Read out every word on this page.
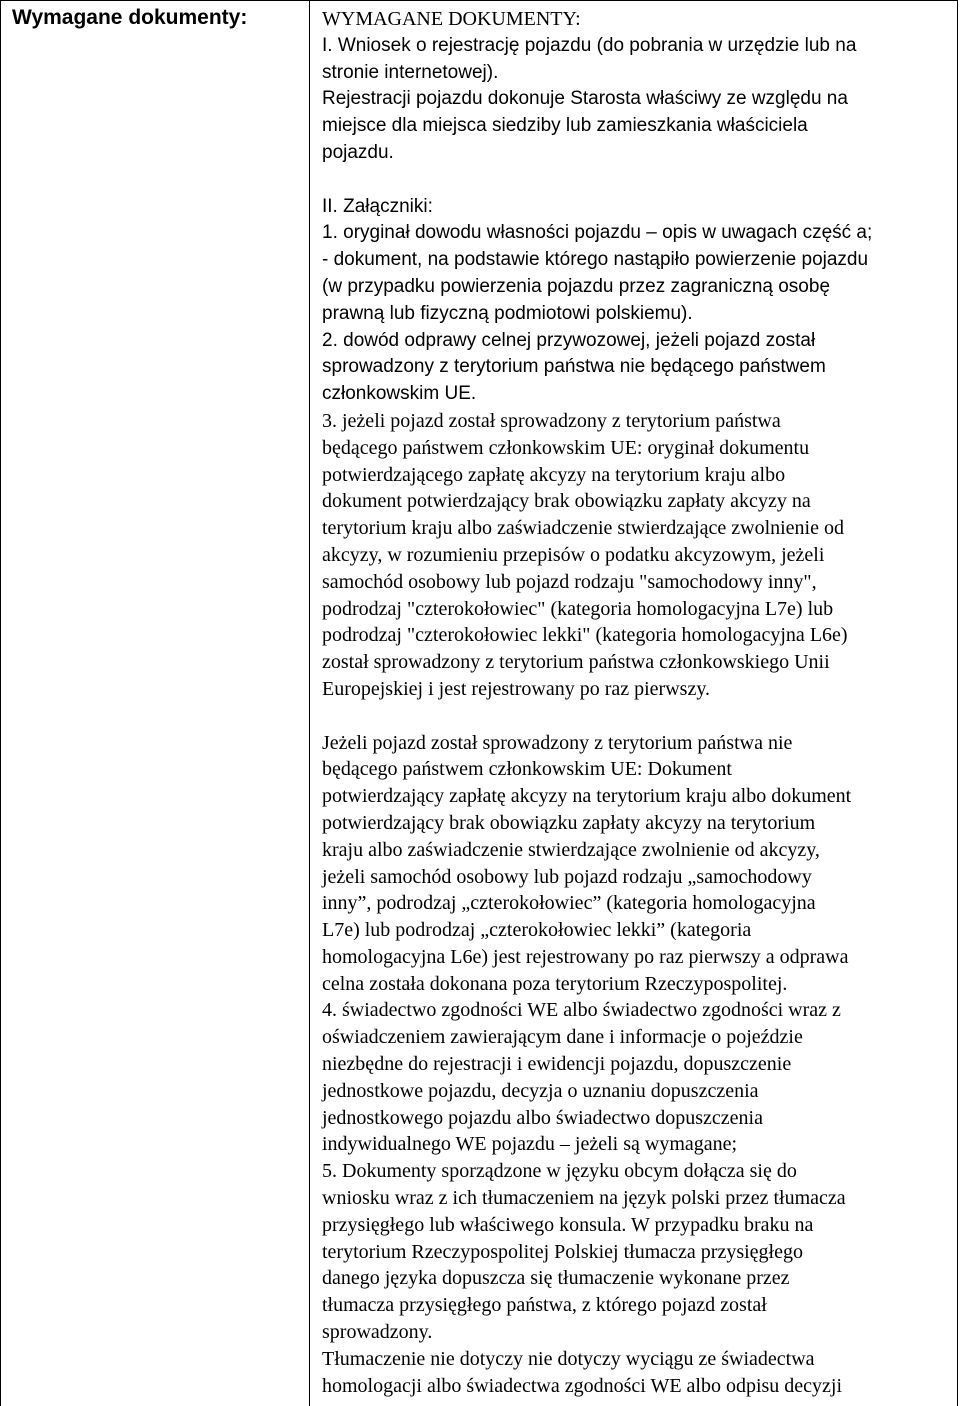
Wymagane dokumenty:	WYMAGANE DOKUMENTY:
I. Wniosek o rejestrację pojazdu (do pobrania w urzędzie lub na
stronie internetowej).
Rejestracji pojazdu dokonuje Starosta właściwy ze względu na
miejsce dla miejsca siedziby lub zamieszkania właściciela
pojazdu.
II. Załączniki:
1. oryginał dowodu własności pojazdu – opis w uwagach część a;
- dokument, na podstawie którego nastąpiło powierzenie pojazdu
(w przypadku powierzenia pojazdu przez zagraniczną osobę
prawną lub fizyczną podmiotowi polskiemu).
2. dowód odprawy celnej przywozowej, jeżeli pojazd został
sprowadzony z terytorium państwa nie będącego państwem
członkowskim UE.
3. jeżeli pojazd został sprowadzony z terytorium państwa
będącego państwem członkowskim UE: oryginał dokumentu
potwierdzającego zapłatę akcyzy na terytorium kraju albo
dokument potwierdzający brak obowiązku zapłaty akcyzy na
terytorium kraju albo zaświadczenie stwierdzające zwolnienie od
akcyzy, w rozumieniu przepisów o podatku akcyzowym, jeżeli
samochód osobowy lub pojazd rodzaju "samochodowy inny",
podrodzaj "czterokołowiec" (kategoria homologacyjna L7e) lub
podrodzaj "czterokołowiec lekki" (kategoria homologacyjna L6e)
został sprowadzony z terytorium państwa członkowskiego Unii
Europejskiej i jest rejestrowany po raz pierwszy.
Jeżeli pojazd został sprowadzony z terytorium państwa nie
będącego państwem członkowskim UE: Dokument
potwierdzający zapłatę akcyzy na terytorium kraju albo dokument
potwierdzający brak obowiązku zapłaty akcyzy na terytorium
kraju albo zaświadczenie stwierdzające zwolnienie od akcyzy,
jeżeli samochód osobowy lub pojazd rodzaju „samochodowy
inny”, podrodzaj „czterokołowiec” (kategoria homologacyjna
L7e) lub podrodzaj „czterokołowiec lekki” (kategoria
homologacyjna L6e) jest rejestrowany po raz pierwszy a odprawa
celna została dokonana poza terytorium Rzeczypospolitej.
4. świadectwo zgodności WE albo świadectwo zgodności wraz z
oświadczeniem zawierającym dane i informacje o pojeździe
niezbędne do rejestracji i ewidencji pojazdu, dopuszczenie
jednostkowe pojazdu, decyzja o uznaniu dopuszczenia
jednostkowego pojazdu albo świadectwo dopuszczenia
indywidualnego WE pojazdu – jeżeli są wymagane;
5. Dokumenty sporządzone w języku obcym dołącza się do
wniosku wraz z ich tłumaczeniem na język polski przez tłumacza
przysięgłego lub właściwego konsula. W przypadku braku na
terytorium Rzeczypospolitej Polskiej tłumacza przysięgłego
danego języka dopuszcza się tłumaczenie wykonane przez
tłumacza przysięgłego państwa, z którego pojazd został
sprowadzony.
Tłumaczenie nie dotyczy nie dotyczy wyciągu ze świadectwa
homologacji albo świadectwa zgodności WE albo odpisu decyzji
